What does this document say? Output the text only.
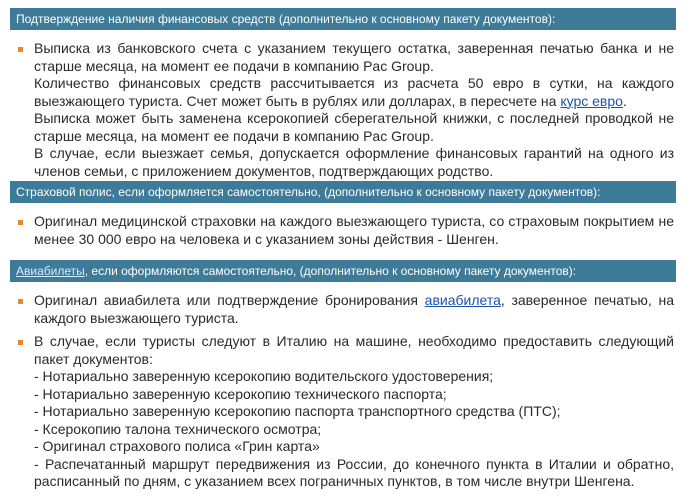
Подтверждение наличия финансовых средств (дополнительно к основному пакету документов):
Выписка из банковского счета с указанием текущего остатка, заверенная печатью банка и не старше месяца, на момент ее подачи в компанию Pac Group.
Количество финансовых средств рассчитывается из расчета 50 евро в сутки, на каждого выезжающего туриста. Счет может быть в рублях или долларах, в пересчете на курс евро.
Выписка может быть заменена ксерокопией сберегательной книжки, с последней проводкой не старше месяца, на момент ее подачи в компанию Pac Group.
В случае, если выезжает семья, допускается оформление финансовых гарантий на одного из членов семьи, с приложением документов, подтверждающих родство.
Страховой полис, если оформляется самостоятельно, (дополнительно к основному пакету документов):
Оригинал медицинской страховки на каждого выезжающего туриста, со страховым покрытием не менее 30 000 евро на человека и с указанием зоны действия - Шенген.
Авиабилеты, если оформляются самостоятельно, (дополнительно к основному пакету документов):
Оригинал авиабилета или подтверждение бронирования авиабилета, заверенное печатью, на каждого выезжающего туриста.
В случае, если туристы следуют в Италию на машине, необходимо предоставить следующий пакет документов:
- Нотариально заверенную ксерокопию водительского удостоверения;
- Нотариально заверенную ксерокопию технического паспорта;
- Нотариально заверенную ксерокопию паспорта транспортного средства (ПТС);
- Ксерокопию талона технического осмотра;
- Оригинал страхового полиса «Грин карта»
- Распечатанный маршрут передвижения из России, до конечного пункта в Италии и обратно, расписанный по дням, с указанием всех пограничных пунктов, в том числе внутри Шенгена.
